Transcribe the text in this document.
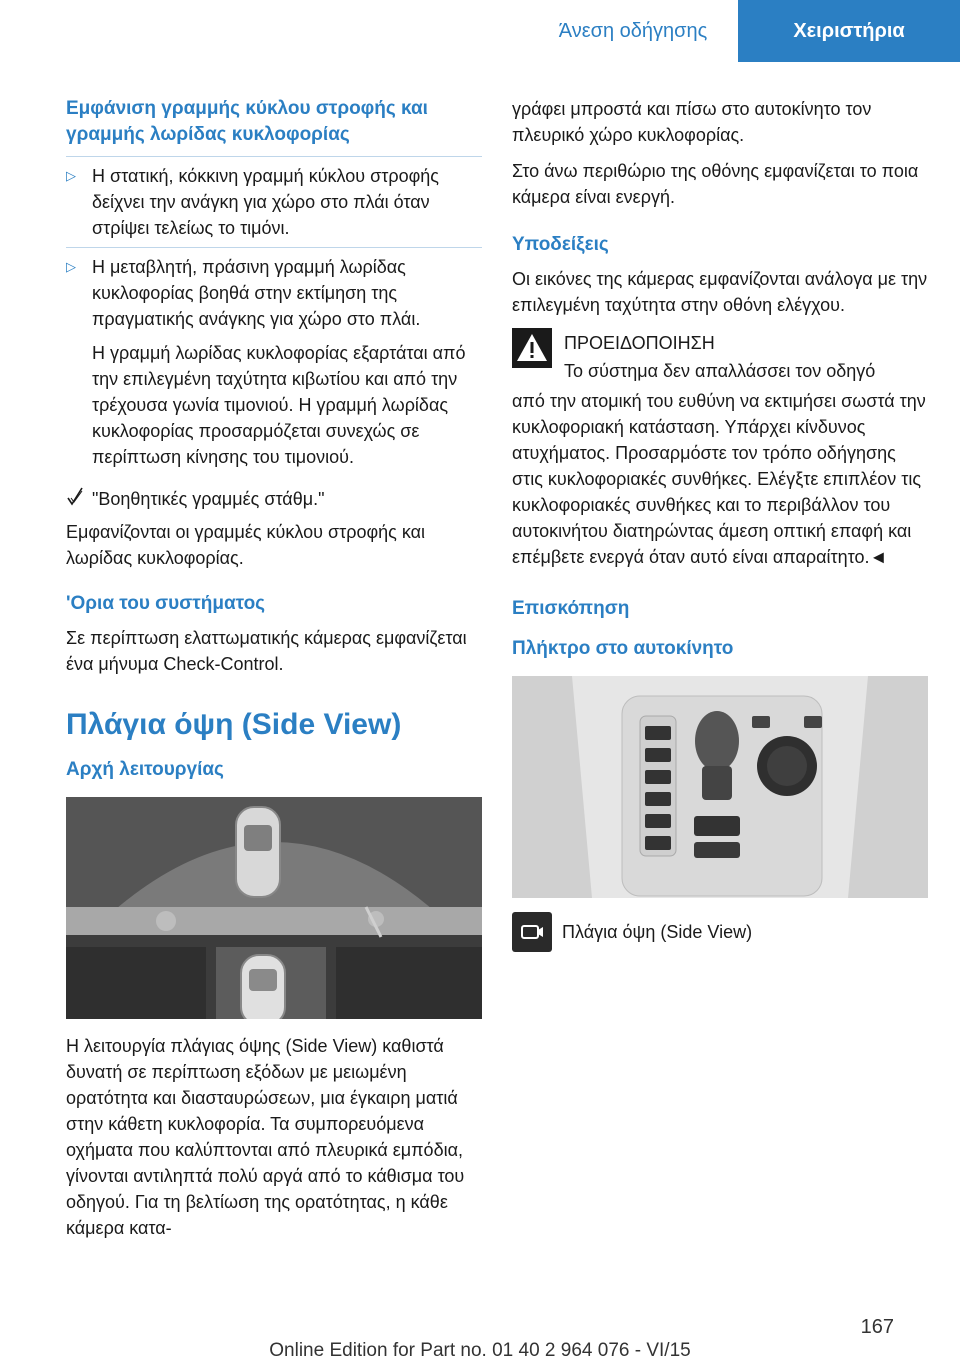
Άνεση οδήγησης	Χειριστήρια
Εμφάνιση γραμμής κύκλου στροφής και γραμμής λωρίδας κυκλοφορίας
▷ Η στατική, κόκκινη γραμμή κύκλου στροφής δείχνει την ανάγκη για χώρο στο πλάι όταν στρίψει τελείως το τιμόνι.
▷ Η μεταβλητή, πράσινη γραμμή λωρίδας κυκλοφορίας βοηθά στην εκτίμηση της πραγματικής ανάγκης για χώρο στο πλάι.
Η γραμμή λωρίδας κυκλοφορίας εξαρτάται από την επιλεγμένη ταχύτητα κιβωτίου και από την τρέχουσα γωνία τιμονιού. Η γραμμή λωρίδας κυκλοφορίας προσαρμόζεται συνεχώς σε περίπτωση κίνησης του τιμονιού.
"Βοηθητικές γραμμές στάθμ."

Εμφανίζονται οι γραμμές κύκλου στροφής και λωρίδας κυκλοφορίας.

'Ορια του συστήματος

Σε περίπτωση ελαττωματικής κάμερας εμφανίζεται ένα μήνυμα Check-Control.

Πλάγια όψη (Side View)
Αρχή λειτουργίας

Η λειτουργία πλάγιας όψης (Side View) καθιστά δυνατή σε περίπτωση εξόδων με μειωμένη ορατότητα και διασταυρώσεων, μια έγκαιρη ματιά στην κάθετη κυκλοφορία. Τα συμπορευόμενα οχήματα που καλύπτονται από πλευρικά εμπόδια, γίνονται αντιληπτά πολύ αργά από το κάθισμα του οδηγού. Για τη βελτίωση της ορατότητας, η κάθε κάμερα κατα-

γράφει μπροστά και πίσω στο αυτοκίνητο τον πλευρικό χώρο κυκλοφορίας.

Στο άνω περιθώριο της οθόνης εμφανίζεται το ποια κάμερα είναι ενεργή.

Υποδείξεις

Οι εικόνες της κάμερας εμφανίζονται ανάλογα με την επιλεγμένη ταχύτητα στην οθόνη ελέγχου.

ΠΡΟΕΙΔΟΠΟΙΗΣΗ
Το σύστημα δεν απαλλάσσει τον οδηγό

από την ατομική του ευθύνη να εκτιμήσει σωστά την κυκλοφοριακή κατάσταση. Υπάρχει κίνδυνος ατυχήματος. Προσαρμόστε τον τρόπο οδήγησης στις κυκλοφοριακές συνθήκες. Ελέγξτε επιπλέον τις κυκλοφοριακές συνθήκες και το περιβάλλον του αυτοκινήτου διατηρώντας άμεση οπτική επαφή και επέμβετε ενεργά όταν αυτό είναι απαραίτητο.◄

Επισκόπηση
Πλήκτρο στο αυτοκίνητο
Πλάγια όψη (Side View)
167
Online Edition for Part no. 01 40 2 964 076 - VI/15
